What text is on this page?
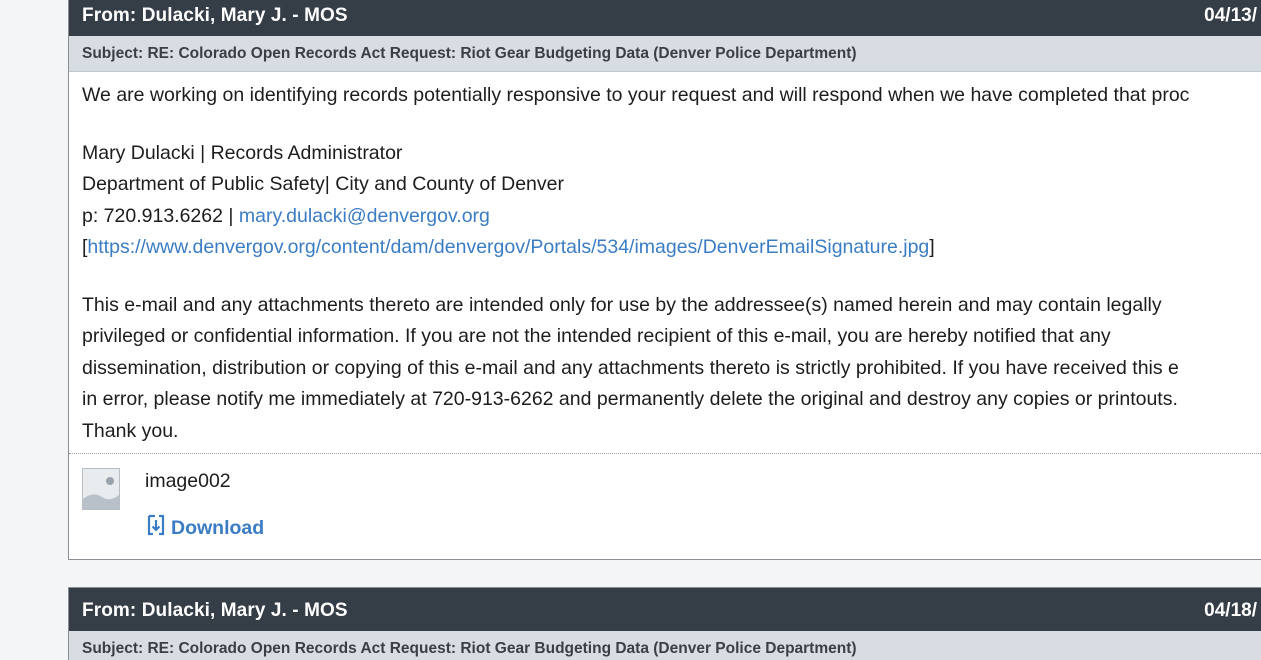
From: Dulacki, Mary J. - MOS	04/13/
Subject: RE: Colorado Open Records Act Request: Riot Gear Budgeting Data (Denver Police Department)

We are working on identifying records potentially responsive to your request and will respond when we have completed that proc

Mary Dulacki | Records Administrator

Department of Public Safety| City and County of Denver

p: 720.913.6262 | mary.dulacki@denvergov.org

[https://www.denvergov.org/content/dam/denvergov/Portals/534/images/DenverEmailSignature.jpg]

This e-mail and any attachments thereto are intended only for use by the addressee(s) named herein and may contain legally

privileged or confidential information. If you are not the intended recipient of this e-mail, you are hereby notified that any

dissemination, distribution or copying of this e-mail and any attachments thereto is strictly prohibited. If you have received this e

in error, please notify me immediately at 720-913-6262 and permanently delete the original and destroy any copies or printouts.

Thank you.

image002
Download
From: Dulacki, Mary J. - MOS	04/18/
Subject: RE: Colorado Open Records Act Request: Riot Gear Budgeting Data (Denver Police Department)
